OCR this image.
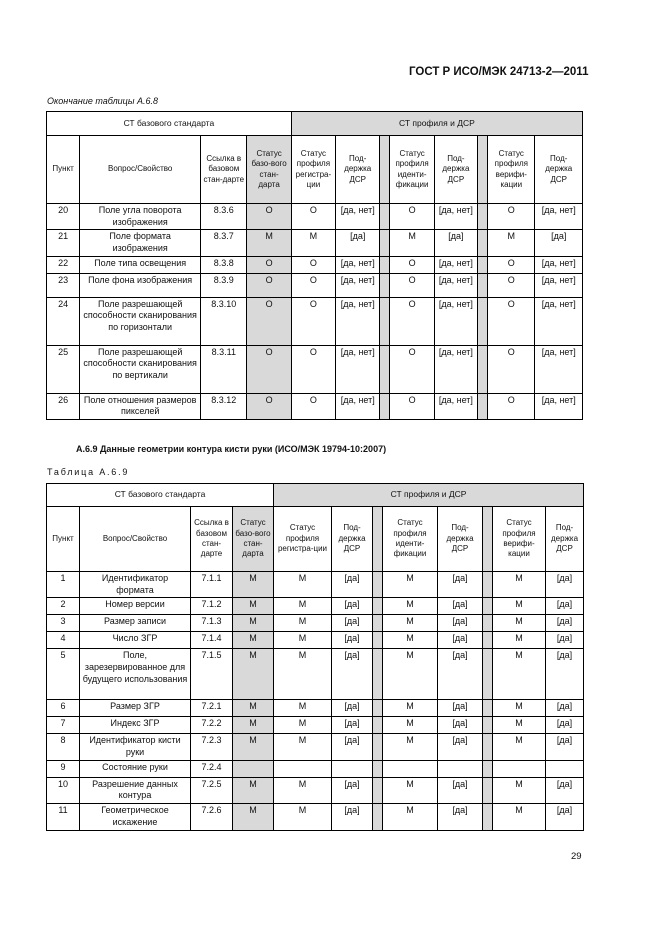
ГОСТ Р ИСО/МЭК 24713-2—2011
Окончание таблицы А.6.8
СТ базового стандарта				СТ профиля и ДСР							
Пункт	Вопрос/Свойство	Ссылка в базовом стан-дарте	Статус базо-вого стан-дарта	Статус профиля регистра-ции	Под-держка ДСР		Статус профиля иденти-фикации	Под-держка ДСР		Статус профиля верифи-кации	Под-держка ДСР
20	Поле угла поворота изображения	8.3.6	O	O	[да, нет]		O	[да, нет]		O	[да, нет]
21	Поле формата изображения	8.3.7	M	M	[да]		M	[да]		M	[да]
22	Поле типа освещения	8.3.8	O	O	[да, нет]		O	[да, нет]		O	[да, нет]
23	Поле фона изображения	8.3.9	O	O	[да, нет]		O	[да, нет]		O	[да, нет]
24	Поле разрешающей способности сканирования по горизонтали	8.3.10	O	O	[да, нет]		O	[да, нет]		O	[да, нет]
25	Поле разрешающей способности сканирования по вертикали	8.3.11	O	O	[да, нет]		O	[да, нет]		O	[да, нет]
26	Поле отношения размеров пикселей	8.3.12	O	O	[да, нет]		O	[да, нет]		O	[да, нет]
А.6.9 Данные геометрии контура кисти руки (ИСО/МЭК 19794-10:2007)
Таблица А.6.9
СТ базового стандарта				СТ профиля и ДСР							
Пункт	Вопрос/Свойство	Ссылка в базовом стан-дарте	Статус базо-вого стан-дарта	Статус профиля регистра-ции	Под-держка ДСР		Статус профиля иденти-фикации	Под-держка ДСР		Статус профиля верифи-кации	Под-держка ДСР
1	Идентификатор формата	7.1.1	M	M	[да]		M	[да]		M	[да]
2	Номер версии	7.1.2	M	M	[да]		M	[да]		M	[да]
3	Размер записи	7.1.3	M	M	[да]		M	[да]		M	[да]
4	Число ЗГР	7.1.4	M	M	[да]		M	[да]		M	[да]
5	Поле, зарезервированное для будущего использования	7.1.5	M	M	[да]		M	[да]		M	[да]
6	Размер ЗГР	7.2.1	M	M	[да]		M	[да]		M	[да]
7	Индекс ЗГР	7.2.2	M	M	[да]		M	[да]		M	[да]
8	Идентификатор кисти руки	7.2.3	M	M	[да]		M	[да]		M	[да]
9	Состояние руки	7.2.4									
10	Разрешение данных контура	7.2.5	M	M	[да]		M	[да]		M	[да]
11	Геометрическое искажение	7.2.6	M	M	[да]		M	[да]		M	[да]
29
